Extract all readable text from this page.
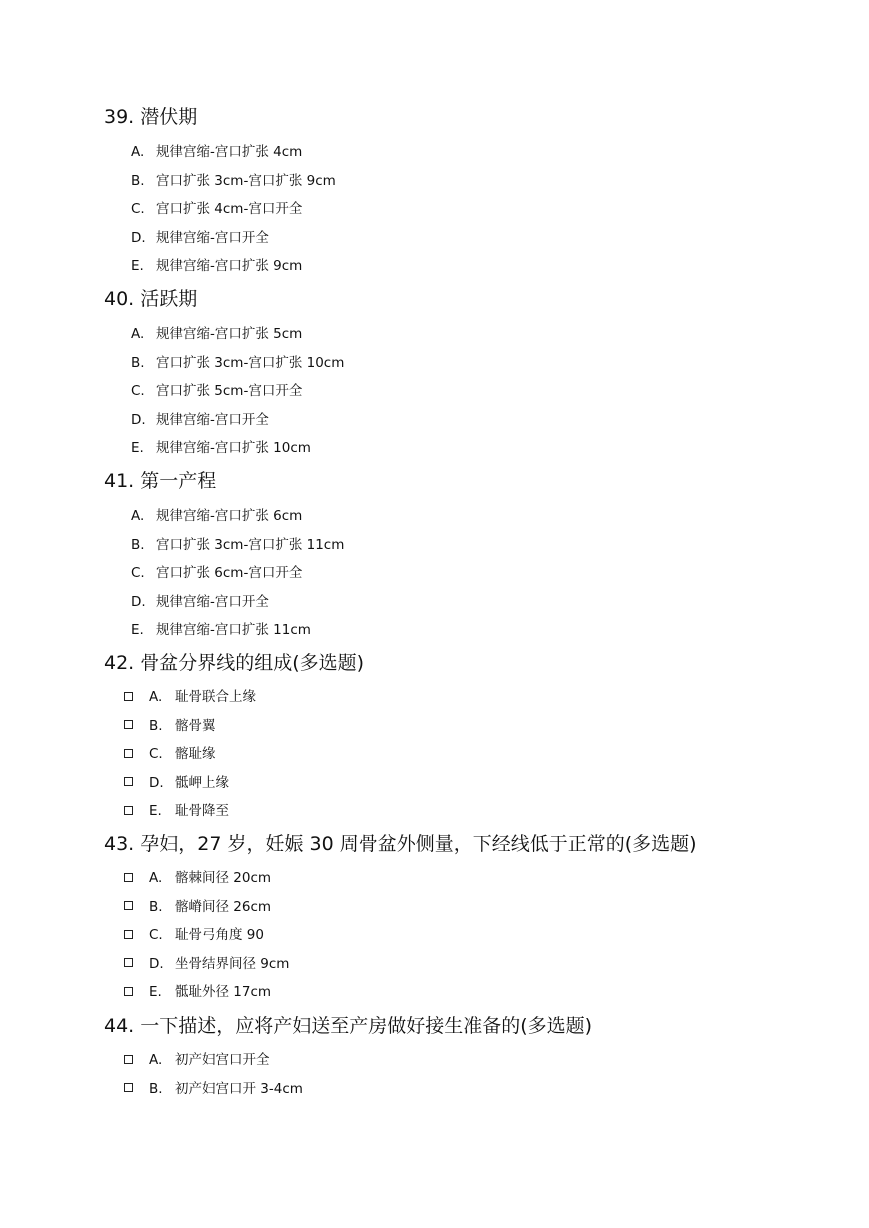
39. 潜伏期
A. 规律宫缩-宫口扩张 4cm
B. 宫口扩张 3cm-宫口扩张 9cm
C. 宫口扩张 4cm-宫口开全
D. 规律宫缩-宫口开全
E. 规律宫缩-宫口扩张 9cm
40. 活跃期
A. 规律宫缩-宫口扩张 5cm
B. 宫口扩张 3cm-宫口扩张 10cm
C. 宫口扩张 5cm-宫口开全
D. 规律宫缩-宫口开全
E. 规律宫缩-宫口扩张 10cm
41. 第一产程
A. 规律宫缩-宫口扩张 6cm
B. 宫口扩张 3cm-宫口扩张 11cm
C. 宫口扩张 6cm-宫口开全
D. 规律宫缩-宫口开全
E. 规律宫缩-宫口扩张 11cm
42. 骨盆分界线的组成(多选题)
A. 耻骨联合上缘
B. 髂骨翼
C. 髂耻缘
D. 骶岬上缘
E. 耻骨降至
43. 孕妇，27 岁，妊娠 30 周骨盆外侧量，下经线低于正常的(多选题)
A. 髂棘间径 20cm
B. 髂嵴间径 26cm
C. 耻骨弓角度 90
D. 坐骨结界间径 9cm
E. 骶耻外径 17cm
44. 一下描述，应将产妇送至产房做好接生准备的(多选题)
A. 初产妇宫口开全
B. 初产妇宫口开 3-4cm
